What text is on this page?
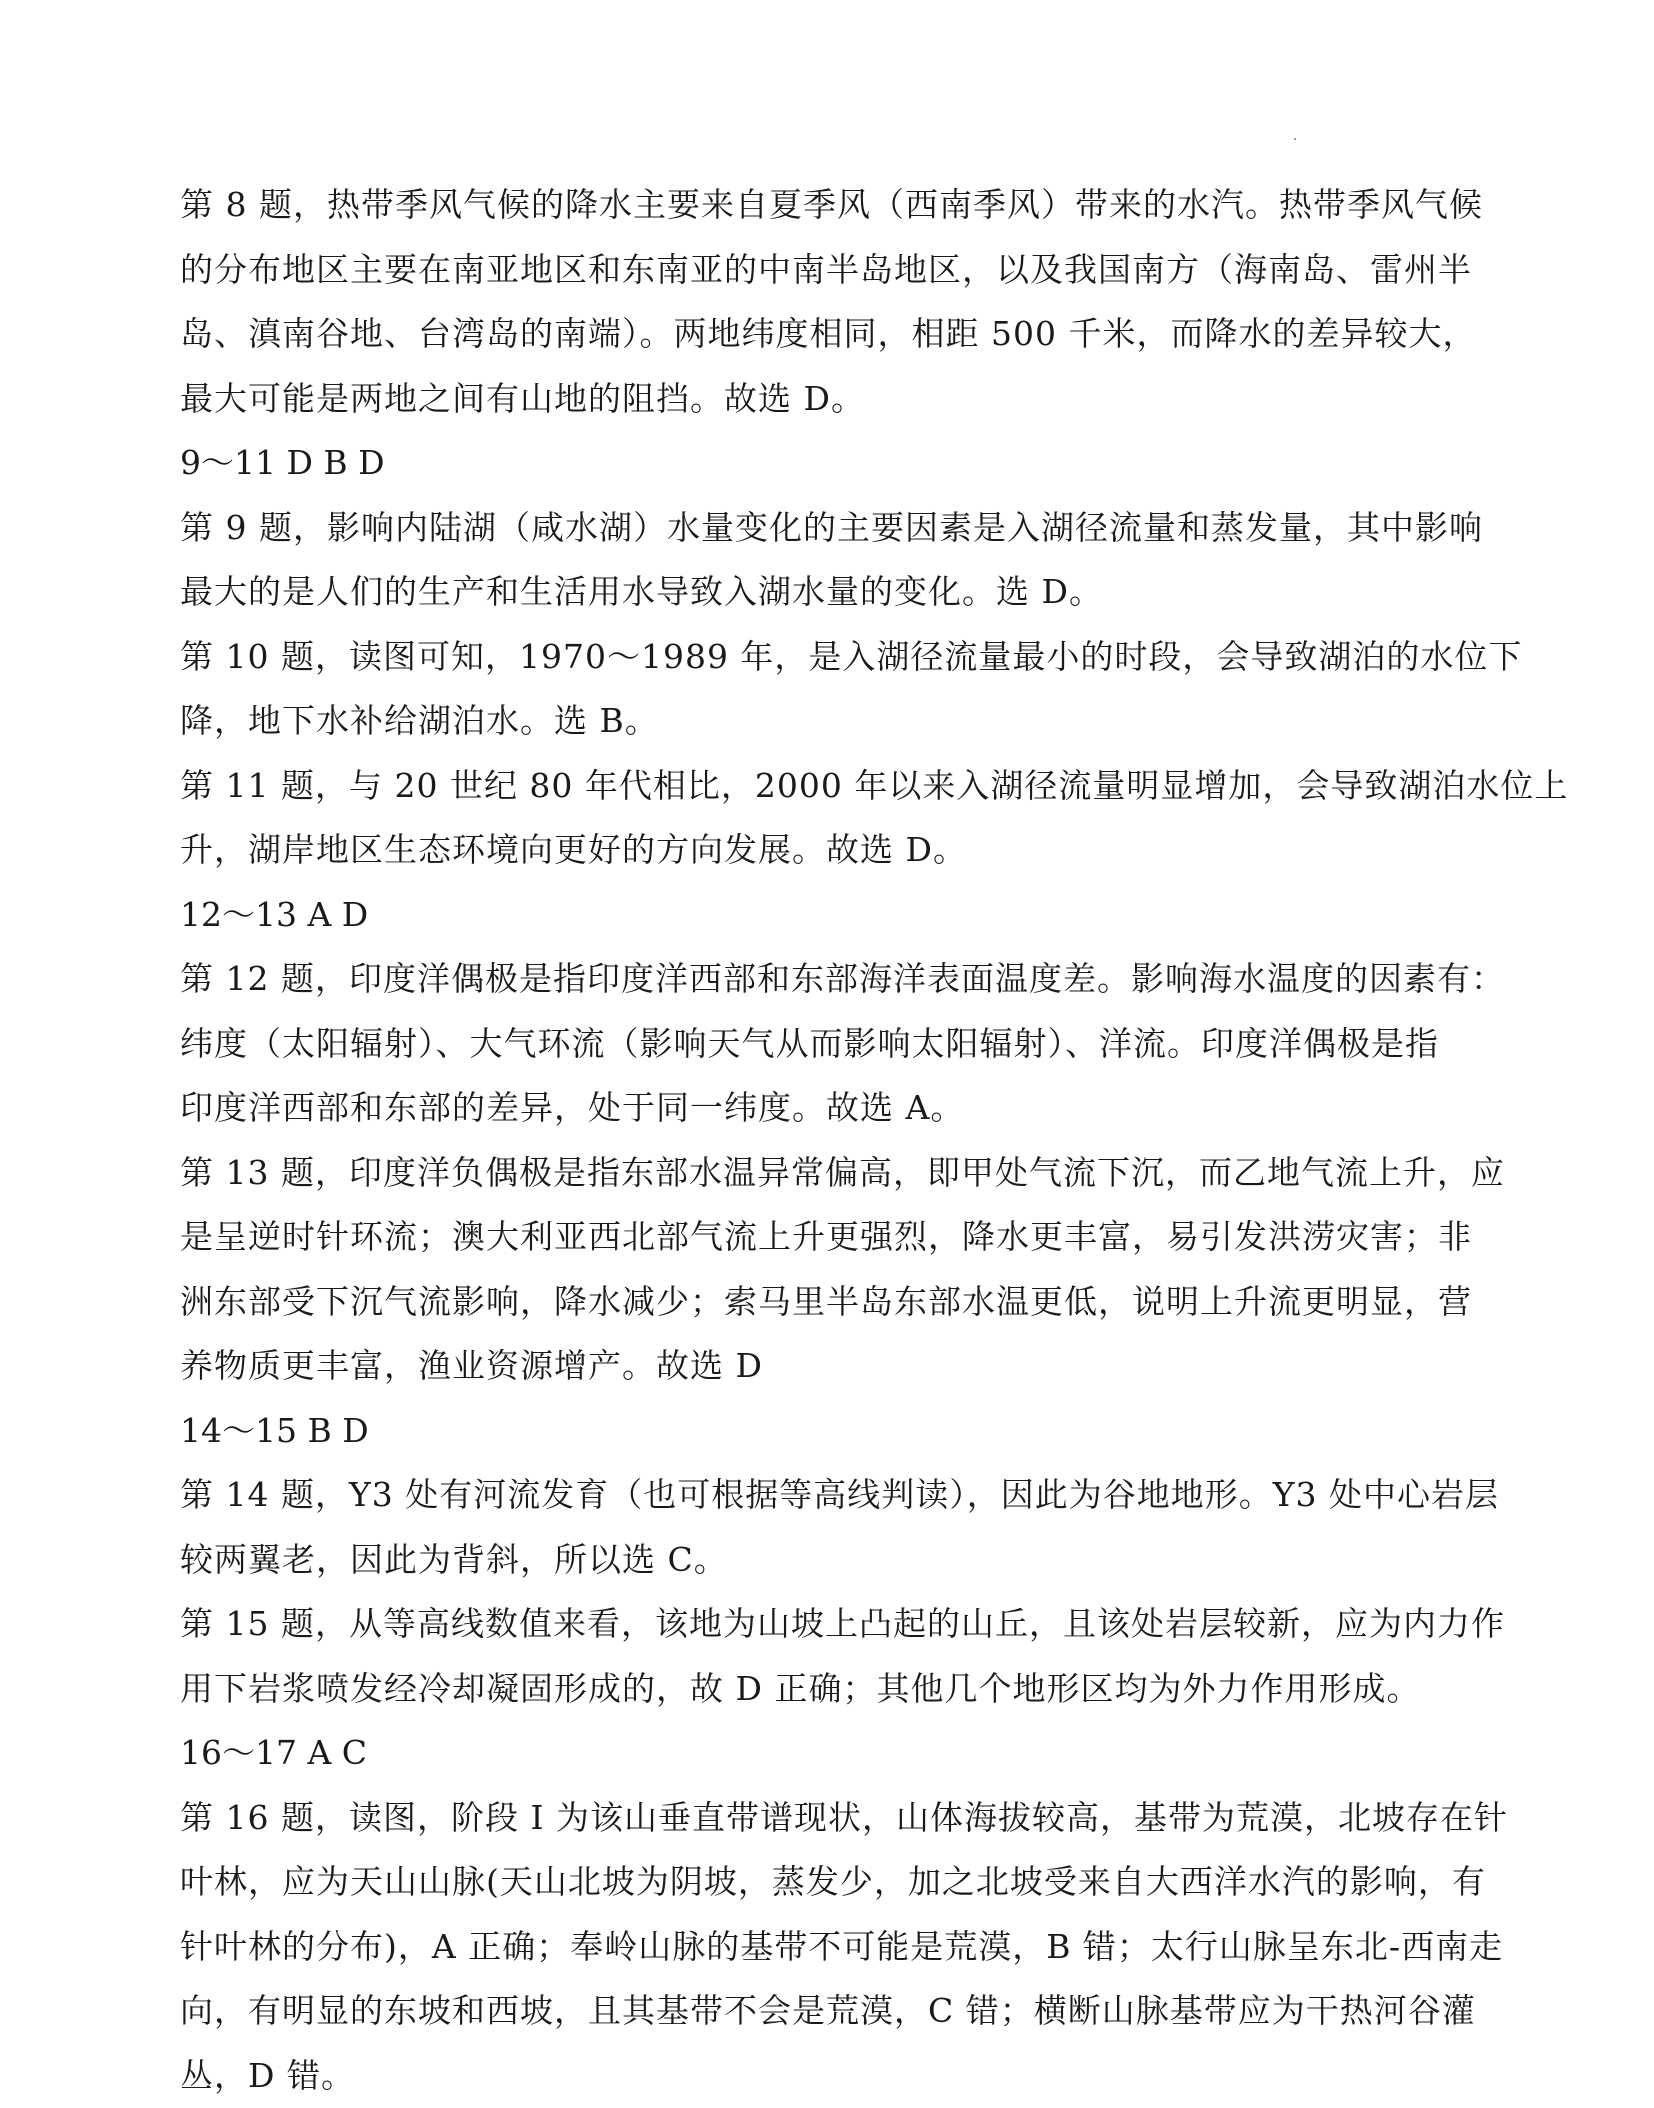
第 8 题，热带季风气候的降水主要来自夏季风（西南季风）带来的水汽。热带季风气候
的分布地区主要在南亚地区和东南亚的中南半岛地区，以及我国南方（海南岛、雷州半
岛、滇南谷地、台湾岛的南端）。两地纬度相同，相距 500 千米，而降水的差异较大，
最大可能是两地之间有山地的阻挡。故选 D。
9～11 D B D
第 9 题，影响内陆湖（咸水湖）水量变化的主要因素是入湖径流量和蒸发量，其中影响
最大的是人们的生产和生活用水导致入湖水量的变化。选 D。
第 10 题，读图可知，1970～1989 年，是入湖径流量最小的时段，会导致湖泊的水位下
降，地下水补给湖泊水。选 B。
第 11 题，与 20 世纪 80 年代相比，2000 年以来入湖径流量明显增加，会导致湖泊水位上
升，湖岸地区生态环境向更好的方向发展。故选 D。
12～13 A D
第 12 题，印度洋偶极是指印度洋西部和东部海洋表面温度差。影响海水温度的因素有：
纬度（太阳辐射）、大气环流（影响天气从而影响太阳辐射）、洋流。印度洋偶极是指
印度洋西部和东部的差异，处于同一纬度。故选 A。
第 13 题，印度洋负偶极是指东部水温异常偏高，即甲处气流下沉，而乙地气流上升，应
是呈逆时针环流；澳大利亚西北部气流上升更强烈，降水更丰富，易引发洪涝灾害；非
洲东部受下沉气流影响，降水减少；索马里半岛东部水温更低，说明上升流更明显，营
养物质更丰富，渔业资源增产。故选 D
14～15 B D
第 14 题，Y3 处有河流发育（也可根据等高线判读），因此为谷地地形。Y3 处中心岩层
较两翼老，因此为背斜，所以选 C。
第 15 题，从等高线数值来看，该地为山坡上凸起的山丘，且该处岩层较新，应为内力作
用下岩浆喷发经冷却凝固形成的，故 D 正确；其他几个地形区均为外力作用形成。
16～17 A C
第 16 题，读图，阶段 I 为该山垂直带谱现状，山体海拔较高，基带为荒漠，北坡存在针
叶林，应为天山山脉(天山北坡为阴坡，蒸发少，加之北坡受来自大西洋水汽的影响，有
针叶林的分布)，A 正确；奉岭山脉的基带不可能是荒漠，B 错；太行山脉呈东北-西南走
向，有明显的东坡和西坡，且其基带不会是荒漠，C 错；横断山脉基带应为干热河谷灌
丛，D 错。
